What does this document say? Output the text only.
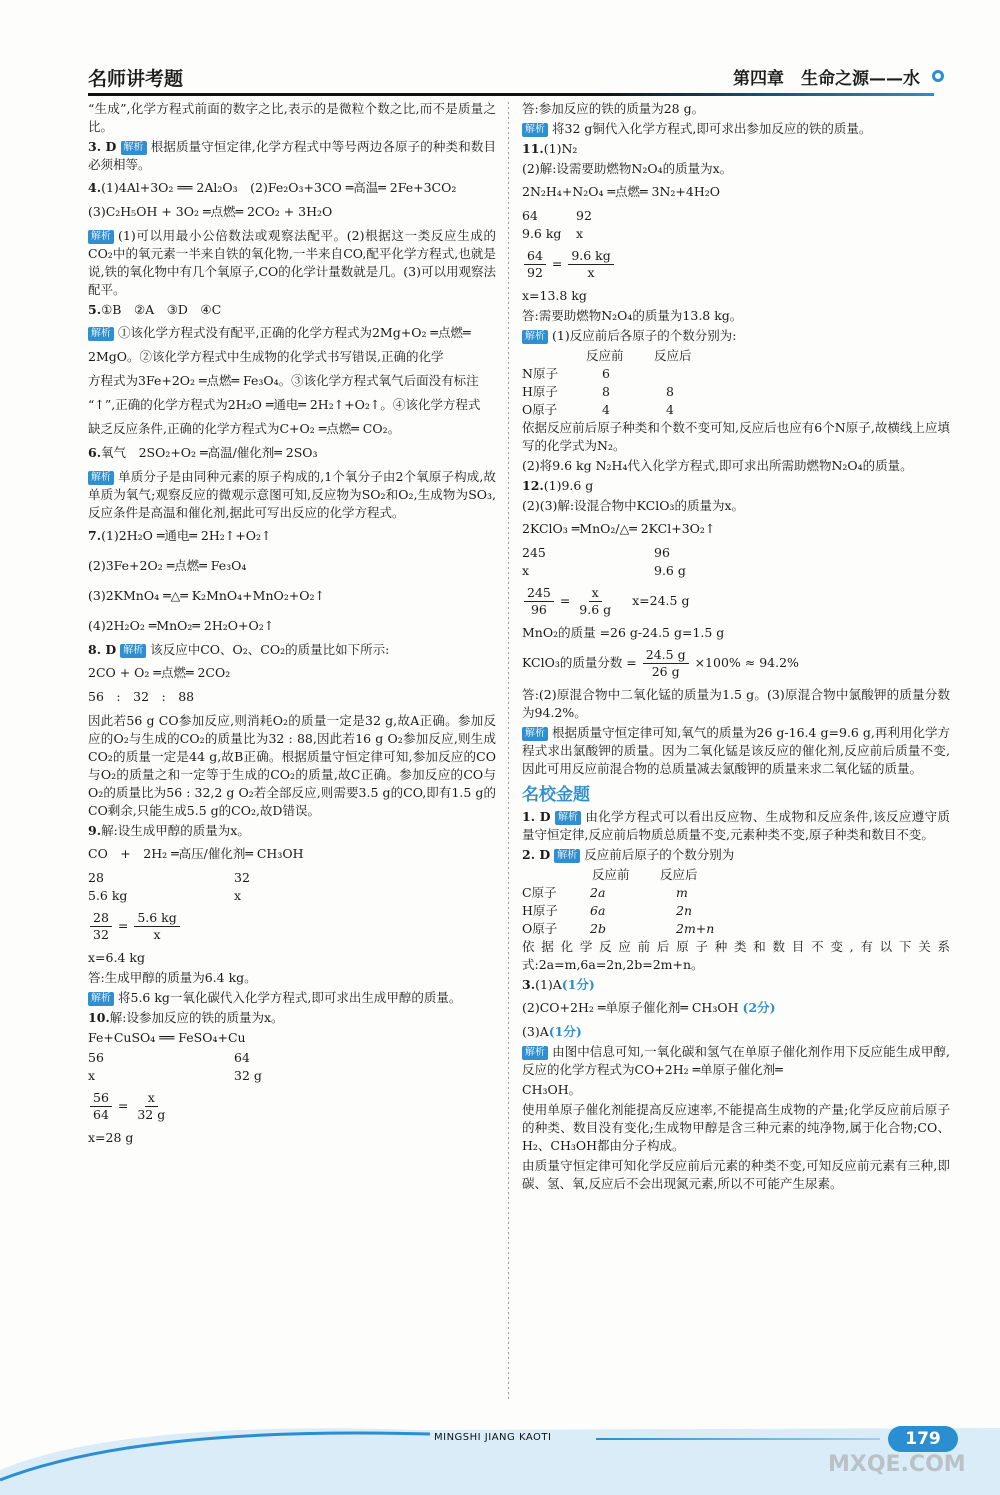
名师讲考题	第四章　生命之源——水
“生成”,化学方程式前面的数字之比,表示的是微粒个数之比,而不是质量之比。
3. D 解析 根据质量守恒定律,化学方程式中等号两边各原子的种类和数目必须相等。
4.(1)4Al+3O₂ ══ 2Al₂O₃　(2)Fe₂O₃+3CO ═高温═ 2Fe+3CO₂
(3)C₂H₅OH + 3O₂ ═点燃═ 2CO₂ + 3H₂O
解析 (1)可以用最小公倍数法或观察法配平。(2)根据这一类反应生成的CO₂中的氧元素一半来自铁的氧化物,一半来自CO,配平化学方程式,也就是说,铁的氧化物中有几个氧原子,CO的化学计量数就是几。(3)可以用观察法配平。
5.①B　②A　③D　④C
解析 ①该化学方程式没有配平,正确的化学方程式为2Mg+O₂ ═点燃═
2MgO。②该化学方程式中生成物的化学式书写错误,正确的化学
方程式为3Fe+2O₂ ═点燃═ Fe₃O₄。③该化学方程式氧气后面没有标注
“↑”,正确的化学方程式为2H₂O ═通电═ 2H₂↑+O₂↑。④该化学方程式
缺乏反应条件,正确的化学方程式为C+O₂ ═点燃═ CO₂。
6.氧气　2SO₂+O₂ ═高温/催化剂═ 2SO₃
解析 单质分子是由同种元素的原子构成的,1个氧分子由2个氧原子构成,故单质为氧气;观察反应的微观示意图可知,反应物为SO₂和O₂,生成物为SO₃,反应条件是高温和催化剂,据此可写出反应的化学方程式。
7.(1)2H₂O ═通电═ 2H₂↑+O₂↑
(2)3Fe+2O₂ ═点燃═ Fe₃O₄
(3)2KMnO₄ ═△═ K₂MnO₄+MnO₂+O₂↑
(4)2H₂O₂ ═MnO₂═ 2H₂O+O₂↑
8. D 解析 该反应中CO、O₂、CO₂的质量比如下所示:
2CO + O₂ ═点燃═ 2CO₂
56　:　32　:　88
因此若56 g CO参加反应,则消耗O₂的质量一定是32 g,故A正确。参加反应的O₂与生成的CO₂的质量比为32 : 88,因此若16 g O₂参加反应,则生成CO₂的质量一定是44 g,故B正确。根据质量守恒定律可知,参加反应的CO与O₂的质量之和一定等于生成的CO₂的质量,故C正确。参加反应的CO与O₂的质量比为56 : 32,2 g O₂若全部反应,则需要3.5 g的CO,即有1.5 g的CO剩余,只能生成5.5 g的CO₂,故D错误。
9.解:设生成甲醇的质量为x。
CO　+　2H₂ ═高压/催化剂═ CH₃OH
28	32
5.6 kg	x
$\frac{28}{32} = \frac{5.6 kg}{x}$
x=6.4 kg
答:生成甲醇的质量为6.4 kg。
解析 将5.6 kg一氧化碳代入化学方程式,即可求出生成甲醇的质量。
10.解:设参加反应的铁的质量为x。
Fe+CuSO₄ ══ FeSO₄+Cu
56	64
x	32 g
$\frac{56}{64} = \frac{x}{32 g}$
x=28 g
答:参加反应的铁的质量为28 g。
解析 将32 g铜代入化学方程式,即可求出参加反应的铁的质量。
11.(1)N₂
(2)解:设需要助燃物N₂O₄的质量为x。
2N₂H₄+N₂O₄ ═点燃═ 3N₂+4H₂O
64	92
9.6 kg	x
$\frac{64}{92} = \frac{9.6 kg}{x}$
x=13.8 kg
答:需要助燃物N₂O₄的质量为13.8 kg。
解析 (1)反应前后各原子的个数分别为:
反应前	反应后
N原子	6
H原子	8	8
O原子	4	4
依据反应前后原子种类和个数不变可知,反应后也应有6个N原子,故横线上应填写的化学式为N₂。
(2)将9.6 kg N₂H₄代入化学方程式,即可求出所需助燃物N₂O₄的质量。
12.(1)9.6 g
(2)(3)解:设混合物中KClO₃的质量为x。
2KClO₃ ═MnO₂/△═ 2KCl+3O₂↑
245	96
x	9.6 g
$\frac{245}{96} = \frac{x}{9.6 g} x=24.5$ g
MnO₂的质量 =26 g-24.5 g=1.5 g
KClO₃的质量分数 = $\frac{24.5 g}{26 g} \times 100\% \approx 94.2\%$
答:(2)原混合物中二氧化锰的质量为1.5 g。(3)原混合物中氯酸钾的质量分数为94.2%。
解析 根据质量守恒定律可知,氧气的质量为26 g-16.4 g=9.6 g,再利用化学方程式求出氯酸钾的质量。因为二氧化锰是该反应的催化剂,反应前后质量不变,因此可用反应前混合物的总质量减去氯酸钾的质量来求二氧化锰的质量。
名校金题
1. D 解析 由化学方程式可以看出反应物、生成物和反应条件,该反应遵守质量守恒定律,反应前后物质总质量不变,元素种类不变,原子种类和数目不变。
2. D 解析 反应前后原子的个数分别为
反应前	反应后
C原子	2a	m
H原子	6a	2n
O原子	2b	2m+n
依据化学反应前后原子种类和数目不变,有以下关系式:2a=m,6a=2n,2b=2m+n。
3.(1)A(1分)
(2)CO+2H₂ ═单原子催化剂═ CH₃OH (2分)
(3)A(1分)
解析 由图中信息可知,一氧化碳和氢气在单原子催化剂作用下反应能生成甲醇,反应的化学方程式为CO+2H₂ ═单原子催化剂═
CH₃OH。
使用单原子催化剂能提高反应速率,不能提高生成物的产量;化学反应前后原子的种类、数目没有变化;生成物甲醇是含三种元素的纯净物,属于化合物;CO、H₂、CH₃OH都由分子构成。
由质量守恒定律可知化学反应前后元素的种类不变,可知反应前元素有三种,即碳、氢、氧,反应后不会出现氮元素,所以不可能产生尿素。
MINGSHI JIANG KAOTI	179
MXQE.COM
